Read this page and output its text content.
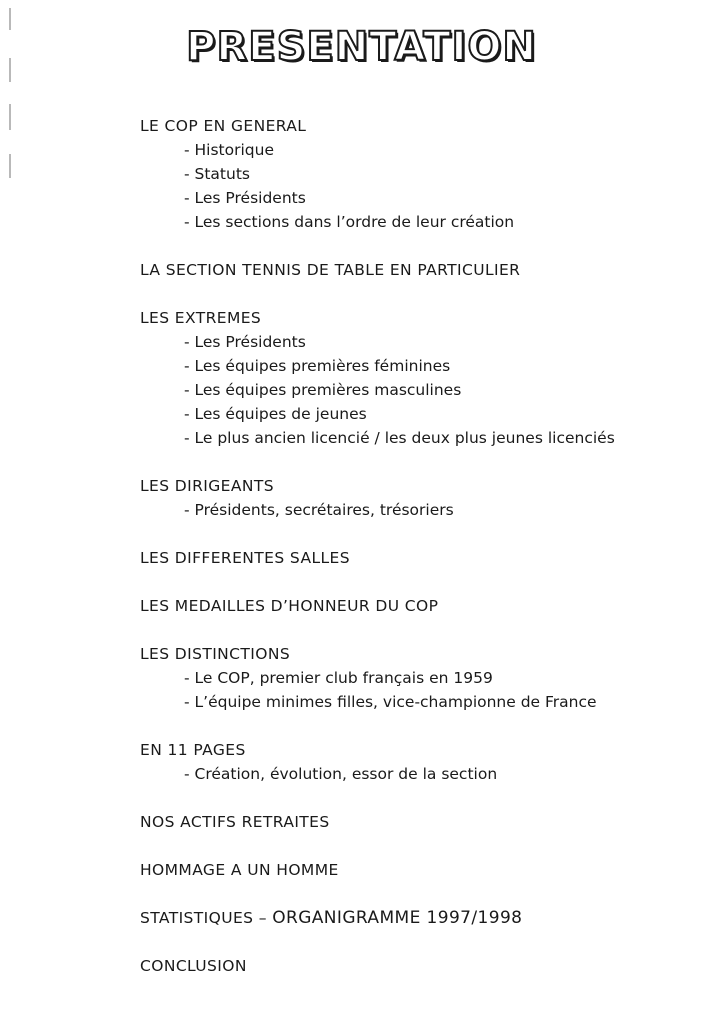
PRESENTATION
LE COP EN GENERAL
- Historique
- Statuts
- Les Présidents
- Les sections dans l’ordre de leur création
LA SECTION TENNIS DE TABLE EN PARTICULIER
LES EXTREMES
- Les Présidents
- Les équipes premières féminines
- Les équipes premières masculines
- Les équipes de jeunes
- Le plus ancien licencié / les deux plus jeunes licenciés
LES DIRIGEANTS
- Présidents, secrétaires, trésoriers
LES DIFFERENTES SALLES
LES MEDAILLES D’HONNEUR DU COP
LES DISTINCTIONS
- Le COP, premier club français en 1959
- L’équipe minimes filles, vice-championne de France
EN 11 PAGES
- Création, évolution, essor de la section
NOS ACTIFS RETRAITES
HOMMAGE A UN HOMME
STATISTIQUES – ORGANIGRAMME 1997/1998
CONCLUSION
